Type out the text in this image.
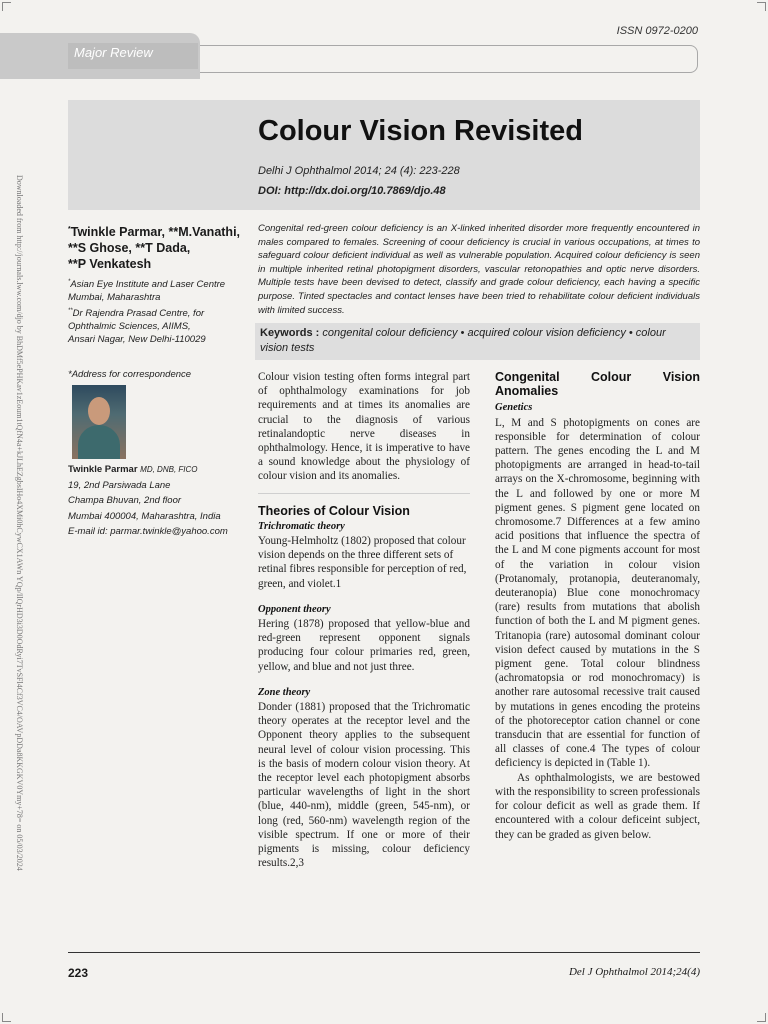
ISSN 0972-0200
Major Review
Colour Vision Revisited
Delhi J Ophthalmol 2014; 24 (4): 223-228
DOI: http://dx.doi.org/10.7869/djo.48
Downloaded from http://journals.lww.com/djo by BhDMf5ePHKav1zEoum1tQfN4a+kJLhEZgbsIHo4XMi0hCywCX1AWn YQp/IlQrHD3i3D0OdRyi7TvSFl4Cf3VC4/OAVpDDa8KKGKV0Ymy+78= on 05/03/2024	*Twinkle Parmar, **M.Vanathi,
**S Ghose, **T Dada,
**P Venkatesh
*Asian Eye Institute and Laser Centre
Mumbai, Maharashtra
**Dr Rajendra Prasad Centre, for
Ophthalmic Sciences, AIIMS,
Ansari Nagar, New Delhi-110029
*Address for correspondence
Twinkle Parmar MD, DNB, FICO
19, 2nd Parsiwada Lane
Champa Bhuvan, 2nd floor
Mumbai 400004, Maharashtra, India
E-mail id: parmar.twinkle@yahoo.com
Congenital red-green colour deficiency is an X-linked inherited disorder more frequently encountered in males compared to females. Screening of coour deficiency is crucial in various occupations, at times to safeguard colour deficient individual as well as vulnerable population. Acquired colour deficiency is seen in multiple inherited retinal photopigment disorders, vascular retonopathies and optic nerve disorders. Multiple tests have been devised to detect, classify and grade colour deficiency, each having a specific purpose. Tinted spectacles and contact lenses have been tried to rehabilitate colour deficient individuals with limited success.
Keywords : congenital colour deficiency • acquired colour vision deficiency • colour vision tests
Colour vision testing often forms integral part of ophthalmology examinations for job requirements and at times its anomalies are crucial to the diagnosis of various retinalandoptic nerve diseases in ophthalmology. Hence, it is imperative to have a sound knowledge about the physiology of colour vision and its anomalies.
Theories of Colour Vision
Trichromatic theory
Young-Helmholtz (1802) proposed that colour vision depends on the three different sets of retinal fibres responsible for perception of red, green, and violet.1
Opponent theory
Hering (1878) proposed that yellow-blue and red-green represent opponent signals producing four colour primaries red, green, yellow, and blue and not just three.
Zone theory
Donder (1881) proposed that the Trichromatic theory operates at the receptor level and the Opponent theory applies to the subsequent neural level of colour vision processing. This is the basis of modern colour vision theory. At the receptor level each photopigment absorbs particular wavelengths of light in the short (blue, 440-nm), middle (green, 545-nm), or long (red, 560-nm) wavelength region of the visible spectrum. If one or more of their pigments is missing, colour deficiency results.2,3
Congenital Colour Vision Anomalies
Genetics
L, M and S photopigments on cones are responsible for determination of colour pattern. The genes encoding the L and M photopigments are arranged in head-to-tail arrays on the X-chromosome, beginning with the L and followed by one or more M pigment genes. S pigment gene located on chromosome.7 Differences at a few amino acid positions that influence the spectra of the L and M cone pigments account for most of the variation in colour vision (Protanomaly, protanopia, deuteranomaly, deuteranopia) Blue cone monochromacy (rare) results from mutations that abolish function of both the L and M pigment genes. Tritanopia (rare) autosomal dominant colour vision defect caused by mutations in the S pigment gene. Total colour blindness (achromatopsia or rod monochromacy) is another rare autosomal recessive trait caused by mutations in genes encoding the proteins of the photoreceptor cation channel or cone transducin that are essential for function of all classes of cone.4 The types of colour deficiency is depicted in (Table 1).
As ophthalmologists, we are bestowed with the responsibility to screen professionals for colour deficit as well as grade them. If encountered with a colour deficeint subject, they can be graded as given below.
223	Del J Ophthalmol 2014;24(4)
